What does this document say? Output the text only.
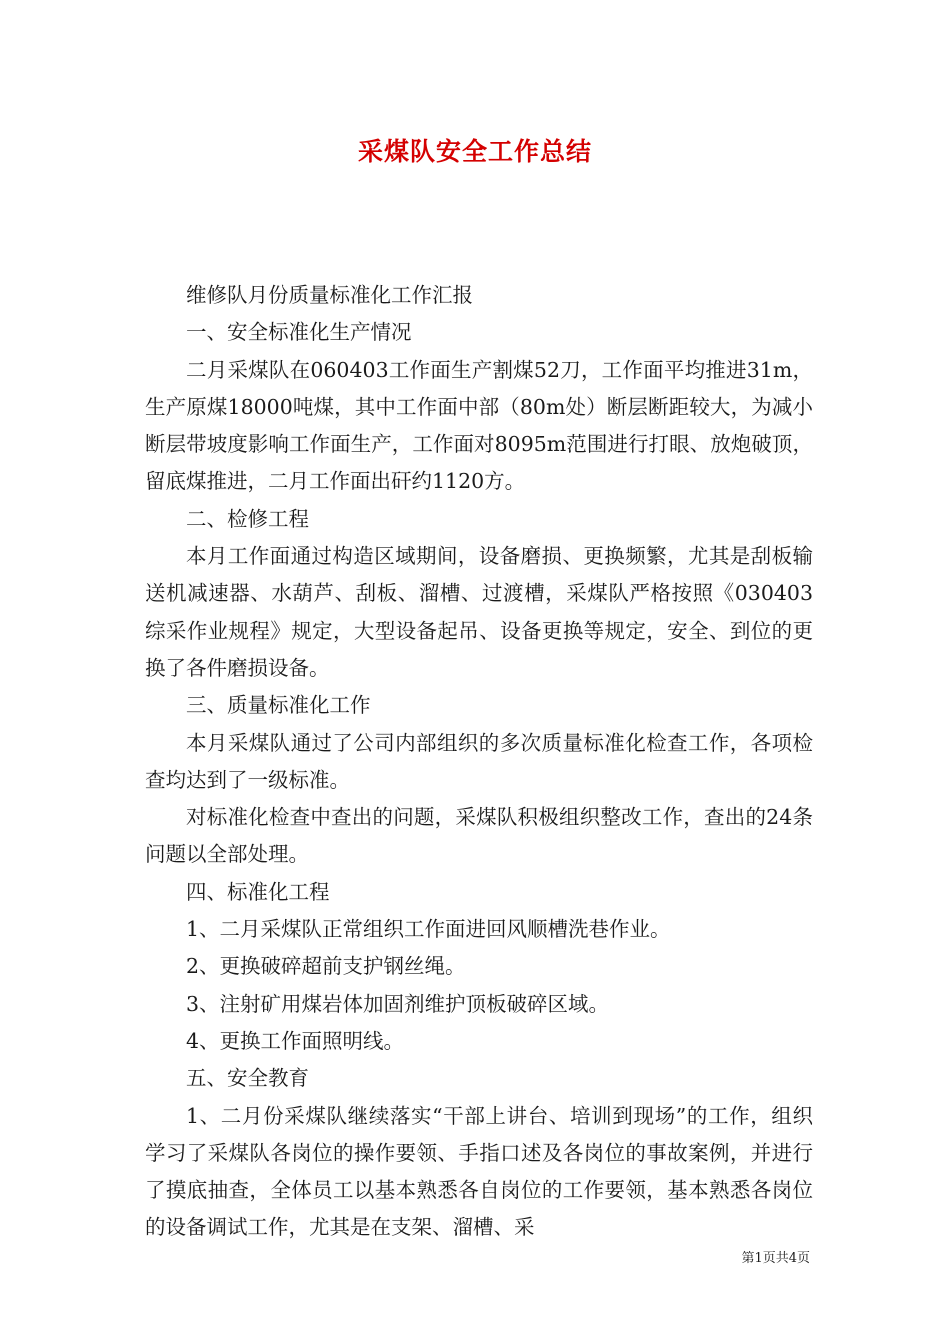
采煤队安全工作总结

维修队月份质量标准化工作汇报

一、安全标准化生产情况

二月采煤队在060403工作面生产割煤52刀，工作面平均推进31m，生产原煤18000吨煤，其中工作面中部（80m处）断层断距较大，为减小断层带坡度影响工作面生产，工作面对8095m范围进行打眼、放炮破顶，留底煤推进，二月工作面出矸约1120方。

二、检修工程

本月工作面通过构造区域期间，设备磨损、更换频繁，尤其是刮板输送机减速器、水葫芦、刮板、溜槽、过渡槽，采煤队严格按照《030403综采作业规程》规定，大型设备起吊、设备更换等规定，安全、到位的更换了各件磨损设备。

三、质量标准化工作

本月采煤队通过了公司内部组织的多次质量标准化检查工作，各项检查均达到了一级标准。

对标准化检查中查出的问题，采煤队积极组织整改工作，查出的24条问题以全部处理。

四、标准化工程

1、二月采煤队正常组织工作面进回风顺槽洗巷作业。

2、更换破碎超前支护钢丝绳。

3、注射矿用煤岩体加固剂维护顶板破碎区域。

4、更换工作面照明线。

五、安全教育

1、二月份采煤队继续落实“干部上讲台、培训到现场”的工作，组织学习了采煤队各岗位的操作要领、手指口述及各岗位的事故案例，并进行了摸底抽查，全体员工以基本熟悉各自岗位的工作要领，基本熟悉各岗位的设备调试工作，尤其是在支架、溜槽、采

第1页共4页
